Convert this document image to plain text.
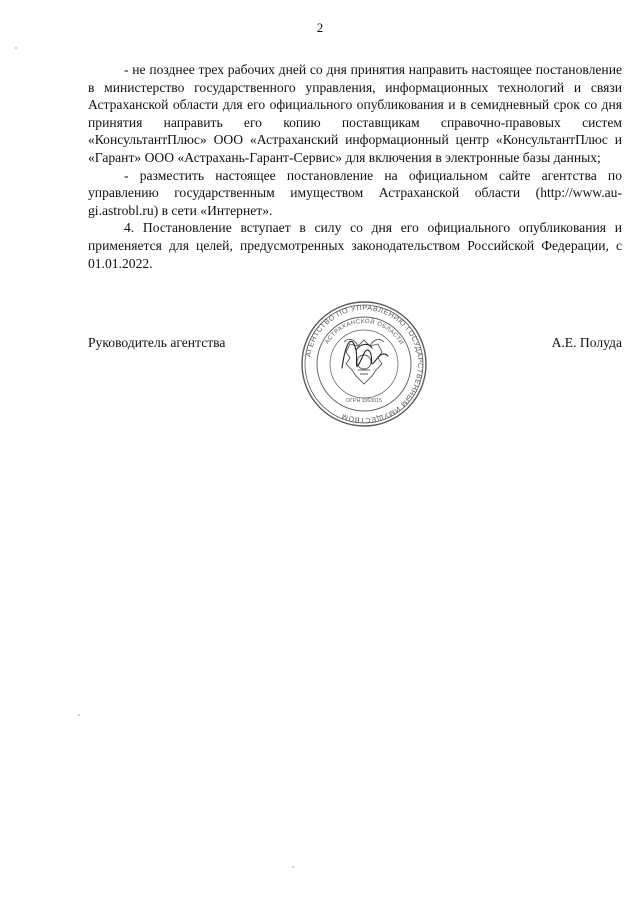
2

- не позднее трех рабочих дней со дня принятия направить настоящее постановление в министерство государственного управления, информационных технологий и связи Астраханской области для его официального опубликования и в семидневный срок со дня принятия направить его копию поставщикам справочно-правовых систем «КонсультантПлюс» ООО «Астраханский информационный центр «КонсультантПлюс и «Гарант» ООО «Астрахань-Гарант-Сервис» для включения в электронные базы данных;

- разместить настоящее постановление на официальном сайте агентства по управлению государственным имуществом Астраханской области (http://www.augi.astrobl.ru) в сети «Интернет».

4. Постановление вступает в силу со дня его официального опубликования и применяется для целей, предусмотренных законодательством Российской Федерации, с 01.01.2022.

Руководитель агентства	А.Е. Полуда
АГЕНТСТВО ПО УПРАВЛЕНИЮ ГОСУДАРСТВЕННЫМ ИМУЩЕСТВОМ
АСТРАХАНСКОЙ ОБЛАСТИ
ОГРН 1063015
